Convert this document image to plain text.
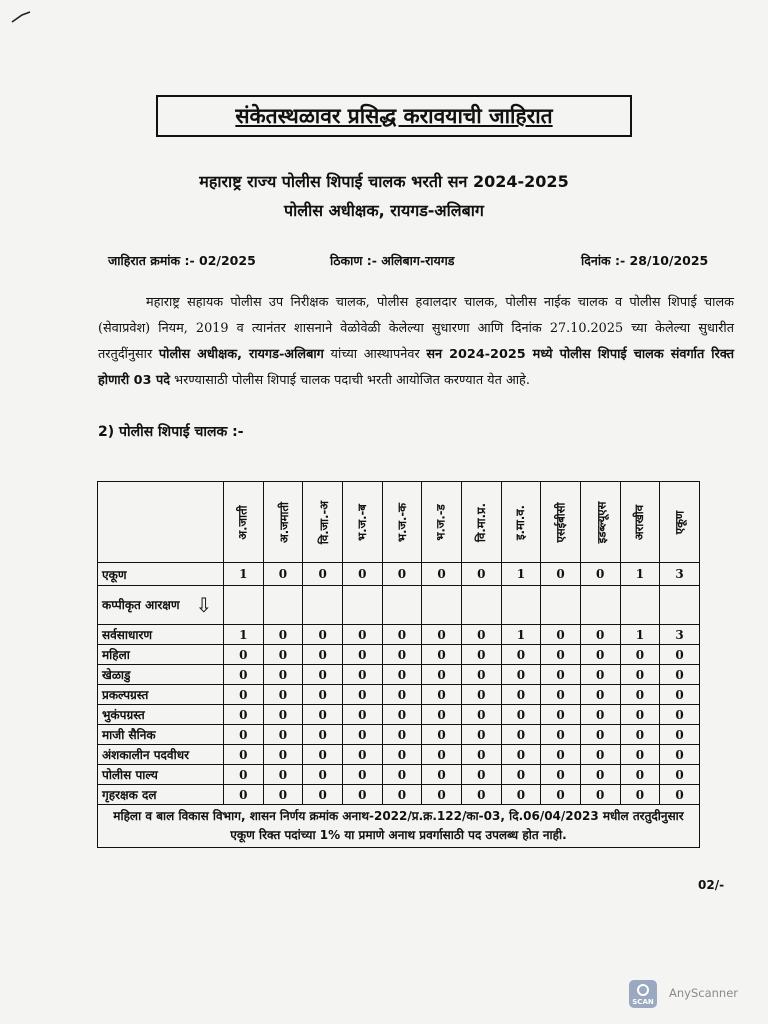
संकेतस्थळावर प्रसिद्ध करावयाची जाहिरात
महाराष्ट्र राज्य पोलीस शिपाई चालक भरती सन 2024-2025
पोलीस अधीक्षक, रायगड-अलिबाग
जाहिरात क्रमांक :- 02/2025	ठिकाण :- अलिबाग-रायगड	दिनांक :- 28/10/2025
महाराष्ट्र सहायक पोलीस उप निरीक्षक चालक, पोलीस हवालदार चालक, पोलीस नाईक चालक व पोलीस शिपाई चालक (सेवाप्रवेश) नियम, 2019 व त्यानंतर शासनाने वेळोवेळी केलेल्या सुधारणा आणि दिनांक 27.10.2025 च्या केलेल्या सुधारीत तरतुदींनुसार पोलीस अधीक्षक, रायगड-अलिबाग यांच्या आस्थापनेवर सन 2024-2025 मध्ये पोलीस शिपाई चालक संवर्गात रिक्त होणारी 03 पदे भरण्यासाठी पोलीस शिपाई चालक पदाची भरती आयोजित करण्यात येत आहे.
2) पोलीस शिपाई चालक :-
	अ.जाती	अ.जमाती	वि.जा.-अ	भ.ज.-ब	भ.ज.-क	भ.ज.-ड	वि.मा.प्र.	इ.मा.व.	एसईबीसी	इडब्ल्यूएस	अराखीव	एकूण
एकूण	1	0	0	0	0	0	0	1	0	0	1	3

कप्पीकृत आरक्षण ⇩												

सर्वसाधारण	1	0	0	0	0	0	0	1	0	0	1	3
महिला	0	0	0	0	0	0	0	0	0	0	0	0
खेळाडु	0	0	0	0	0	0	0	0	0	0	0	0
प्रकल्पग्रस्त	0	0	0	0	0	0	0	0	0	0	0	0
भुकंपग्रस्त	0	0	0	0	0	0	0	0	0	0	0	0
माजी सैनिक	0	0	0	0	0	0	0	0	0	0	0	0
अंशकालीन पदवीधर	0	0	0	0	0	0	0	0	0	0	0	0
पोलीस पाल्य	0	0	0	0	0	0	0	0	0	0	0	0
गृहरक्षक दल	0	0	0	0	0	0	0	0	0	0	0	0
महिला व बाल विकास विभाग, शासन निर्णय क्रमांक अनाथ-2022/प्र.क्र.122/का-03, दि.06/04/2023 मधील तरतुदीनुसार एकूण रिक्त पदांच्या 1% या प्रमाणे अनाथ प्रवर्गासाठी पद उपलब्ध होत नाही.												
02/-
SCAN
AnyScanner
